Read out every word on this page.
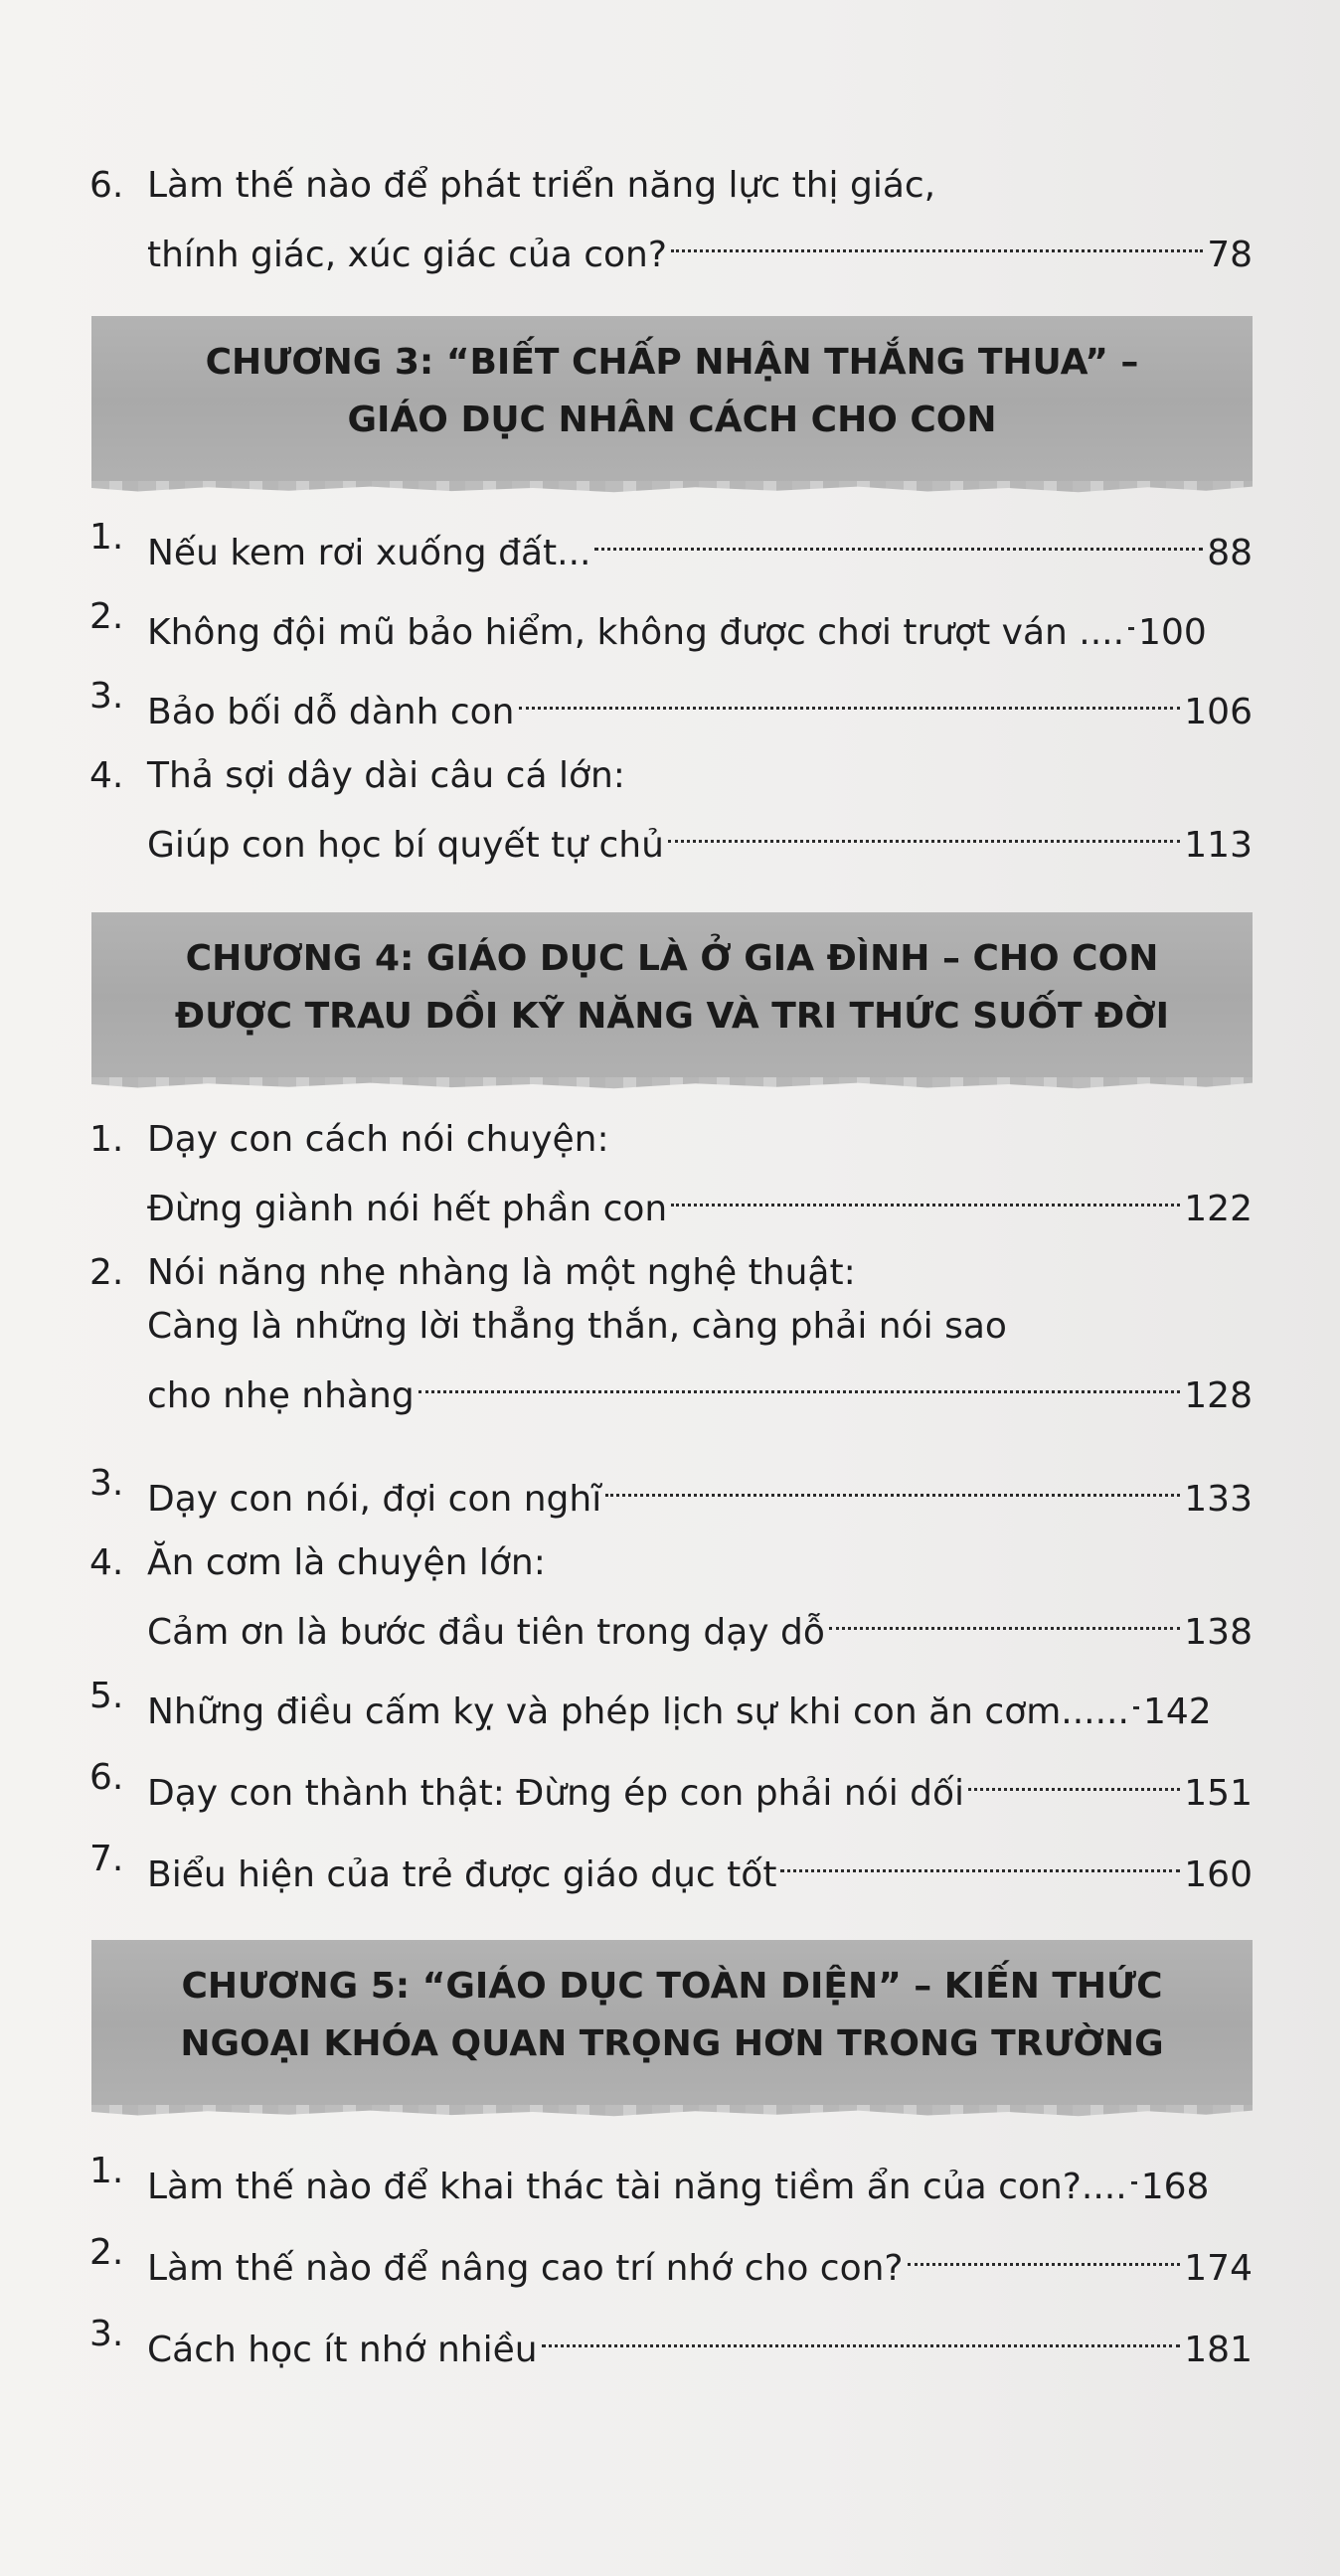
6. Làm thế nào để phát triển năng lực thị giác,
thính giác, xúc giác của con?	78
CHƯƠNG 3: “BIẾT CHẤP NHẬN THẮNG THUA” –
GIÁO DỤC NHÂN CÁCH CHO CON
1. Nếu kem rơi xuống đất...	88
2. Không đội mũ bảo hiểm, không được chơi trượt ván .... 100
3. Bảo bối dỗ dành con	106
4. Thả sợi dây dài câu cá lớn:
Giúp con học bí quyết tự chủ	113
CHƯƠNG 4: GIÁO DỤC LÀ Ở GIA ĐÌNH – CHO CON
ĐƯỢC TRAU DỒI KỸ NĂNG VÀ TRI THỨC SUỐT ĐỜI
1. Dạy con cách nói chuyện:
Đừng giành nói hết phần con	122
2. Nói năng nhẹ nhàng là một nghệ thuật:
Càng là những lời thẳng thắn, càng phải nói sao
cho nhẹ nhàng	128
3. Dạy con nói, đợi con nghĩ	133
4. Ăn cơm là chuyện lớn:
Cảm ơn là bước đầu tiên trong dạy dỗ	138
5. Những điều cấm kỵ và phép lịch sự khi con ăn cơm...... 142
6. Dạy con thành thật: Đừng ép con phải nói dối	151
7. Biểu hiện của trẻ được giáo dục tốt	160
CHƯƠNG 5: “GIÁO DỤC TOÀN DIỆN” – KIẾN THỨC
NGOẠI KHÓA QUAN TRỌNG HƠN TRONG TRƯỜNG
1. Làm thế nào để khai thác tài năng tiềm ẩn của con?.... 168
2. Làm thế nào để nâng cao trí nhớ cho con?	174
3. Cách học ít nhớ nhiều	181
